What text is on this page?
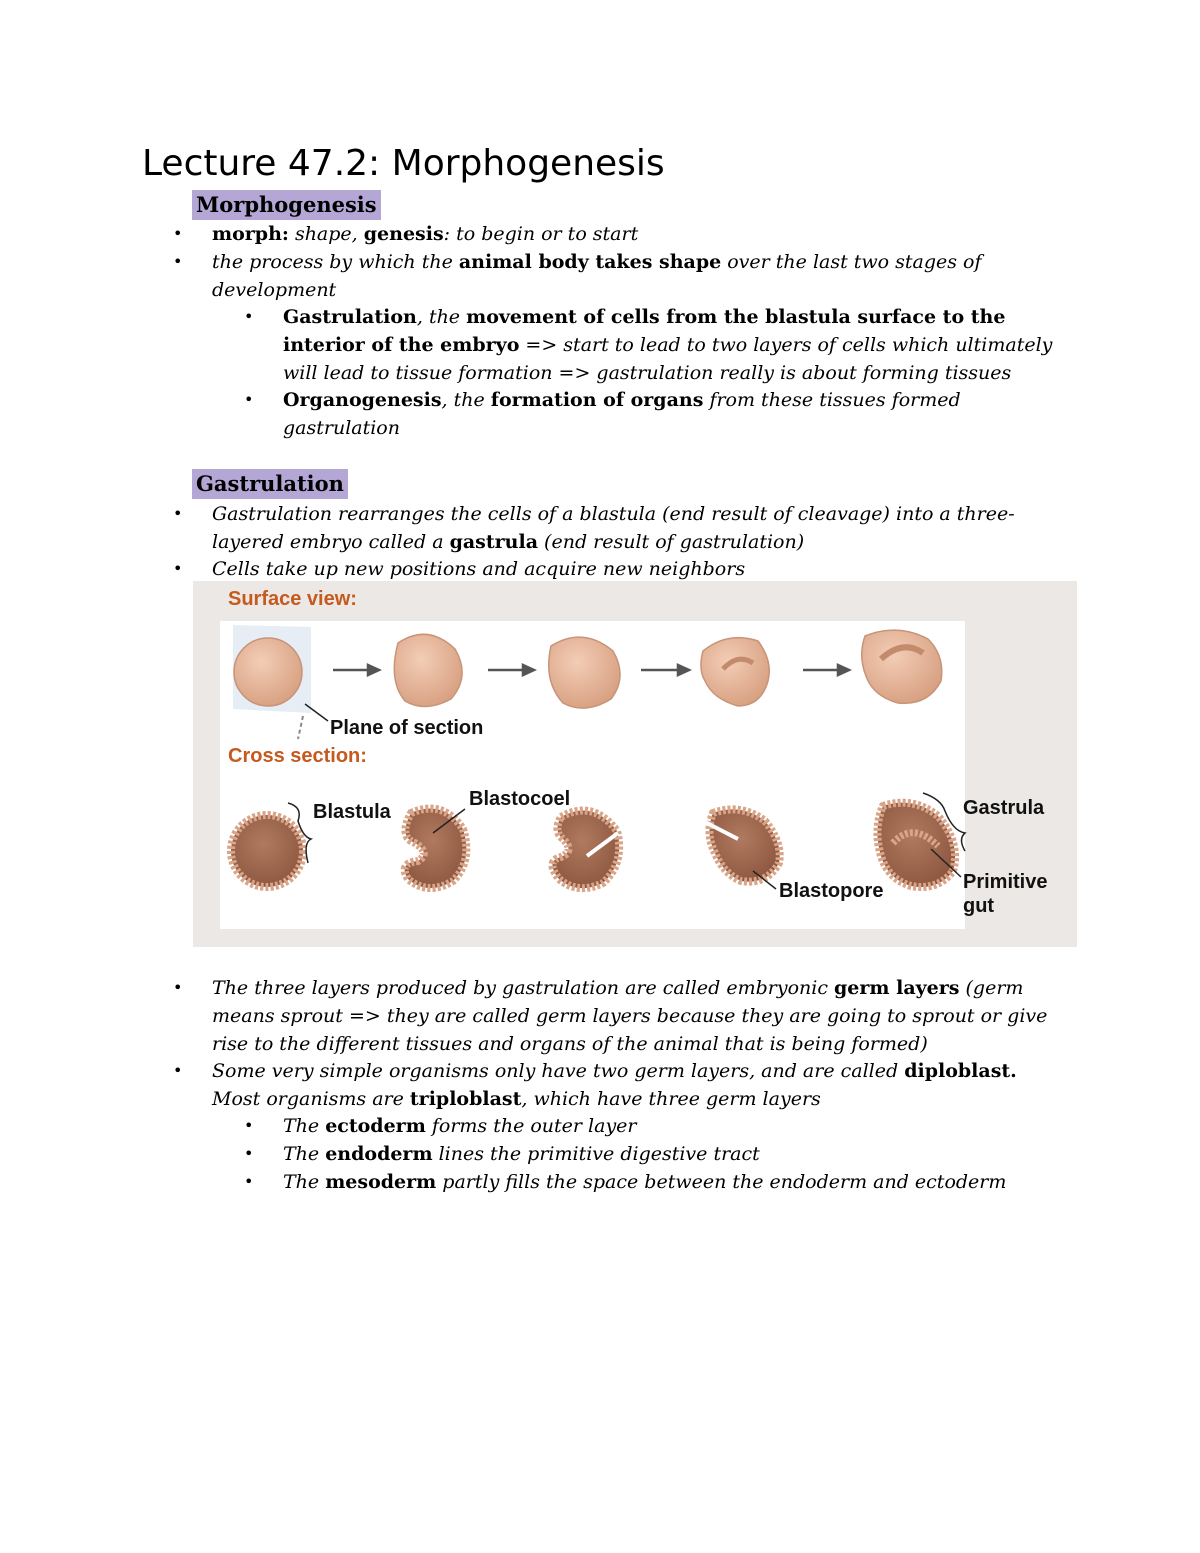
Lecture 47.2: Morphogenesis
Morphogenesis
• morph: shape, genesis: to begin or to start
• the process by which the animal body takes shape over the last two stages of
development
• Gastrulation, the movement of cells from the blastula surface to the
interior of the embryo => start to lead to two layers of cells which ultimately
will lead to tissue formation => gastrulation really is about forming tissues
• Organogenesis, the formation of organs from these tissues formed
gastrulation
Gastrulation
• Gastrulation rearranges the cells of a blastula (end result of cleavage) into a three-
layered embryo called a gastrula (end result of gastrulation)
• Cells take up new positions and acquire new neighbors
Surface view:
Plane of section
Cross section:
Blastula
Blastocoel
Blastopore
Gastrula
Primitive
gut
• The three layers produced by gastrulation are called embryonic germ layers (germ
means sprout => they are called germ layers because they are going to sprout or give
rise to the different tissues and organs of the animal that is being formed)
• Some very simple organisms only have two germ layers, and are called diploblast.
Most organisms are triploblast, which have three germ layers
• The ectoderm forms the outer layer
• The endoderm lines the primitive digestive tract
• The mesoderm partly fills the space between the endoderm and ectoderm
